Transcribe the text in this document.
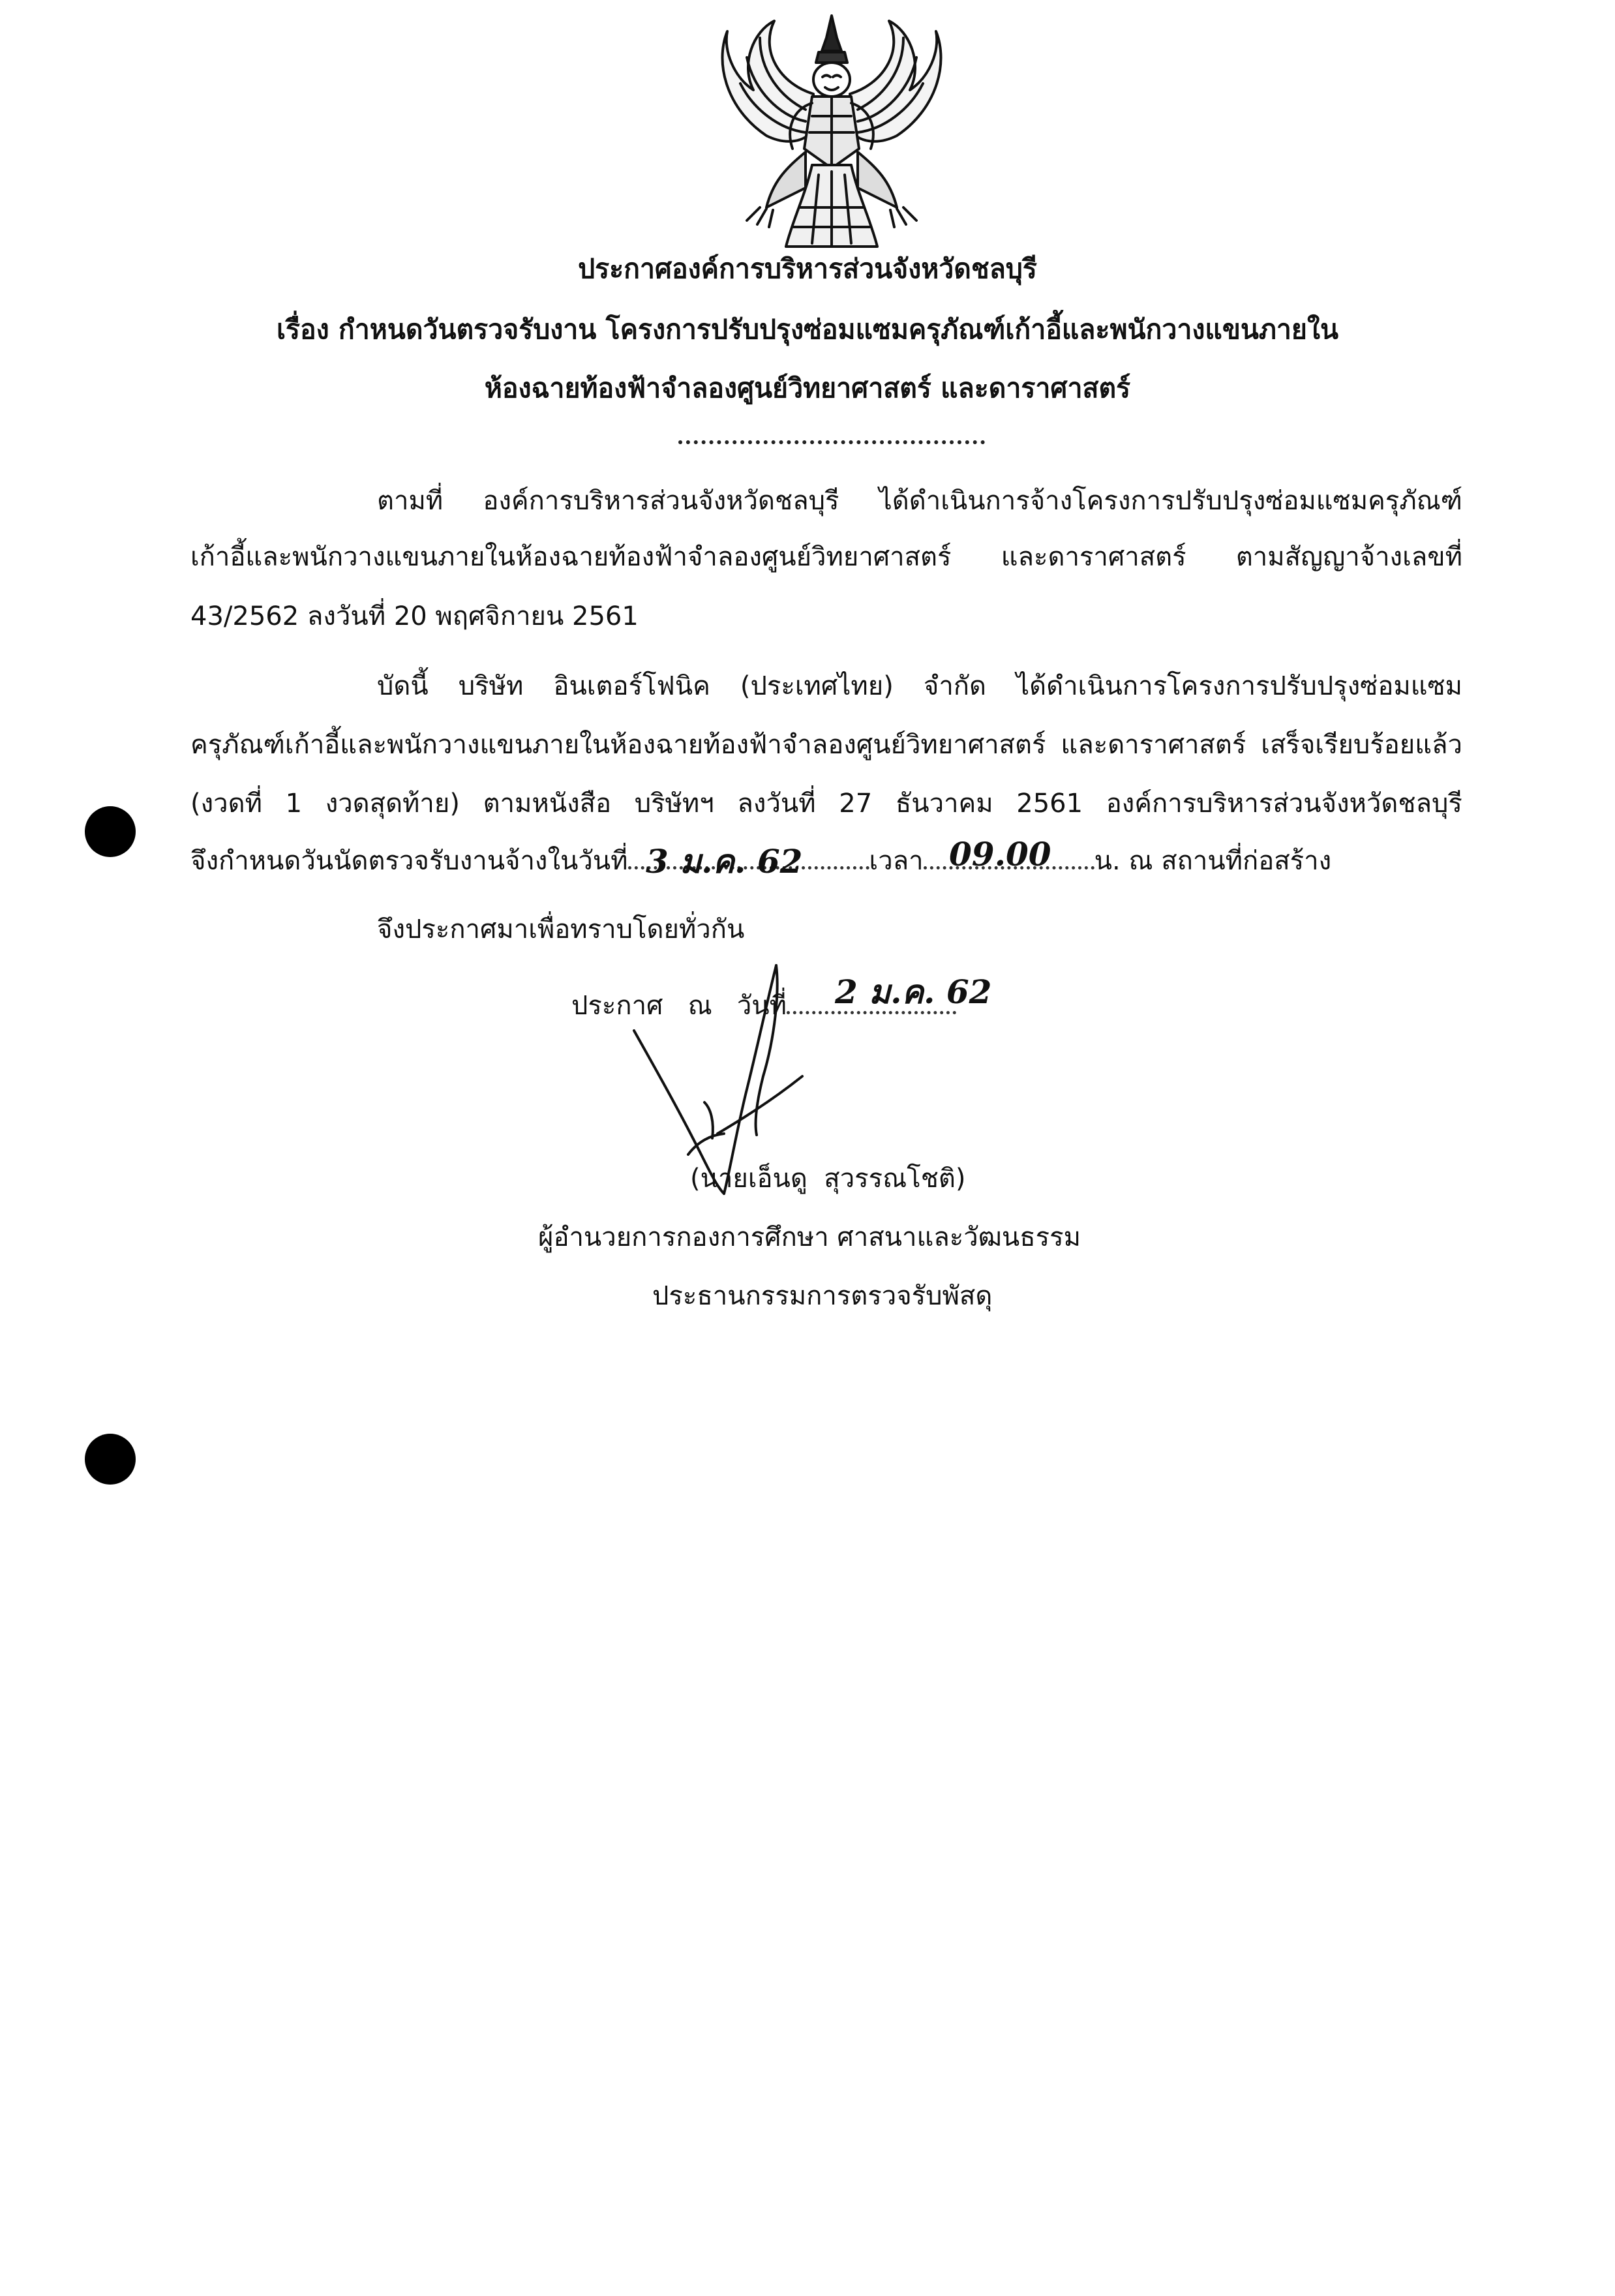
ประกาศองค์การบริหารส่วนจังหวัดชลบุรี
เรื่อง กำหนดวันตรวจรับงาน โครงการปรับปรุงซ่อมแซมครุภัณฑ์เก้าอี้และพนักวางแขนภายใน
ห้องฉายท้องฟ้าจำลองศูนย์วิทยาศาสตร์ และดาราศาสตร์
ตามที่ องค์การบริหารส่วนจังหวัดชลบุรี ได้ดำเนินการจ้างโครงการปรับปรุงซ่อมแซมครุภัณฑ์
เก้าอี้และพนักวางแขนภายในห้องฉายท้องฟ้าจำลองศูนย์วิทยาศาสตร์ และดาราศาสตร์ ตามสัญญาจ้างเลขที่
43/2562 ลงวันที่ 20 พฤศจิกายน 2561
บัดนี้ บริษัท อินเตอร์โฟนิค (ประเทศไทย) จำกัด ได้ดำเนินการโครงการปรับปรุงซ่อมแซม
ครุภัณฑ์เก้าอี้และพนักวางแขนภายในห้องฉายท้องฟ้าจำลองศูนย์วิทยาศาสตร์ และดาราศาสตร์ เสร็จเรียบร้อยแล้ว
(งวดที่ 1 งวดสุดท้าย) ตามหนังสือ บริษัทฯ ลงวันที่ 27 ธันวาคม 2561 องค์การบริหารส่วนจังหวัดชลบุรี
จึงกำหนดวันนัดตรวจรับงานจ้างในวันที่	เวลา	น. ณ สถานที่ก่อสร้าง
3 ม.ค. 62	09.00
จึงประกาศมาเพื่อทราบโดยทั่วกัน
ประกาศ   ณ   วันที่	2 ม.ค. 62
(นายเอ็นดู  สุวรรณโชติ)
ผู้อำนวยการกองการศึกษา ศาสนาและวัฒนธรรม
ประธานกรรมการตรวจรับพัสดุ
